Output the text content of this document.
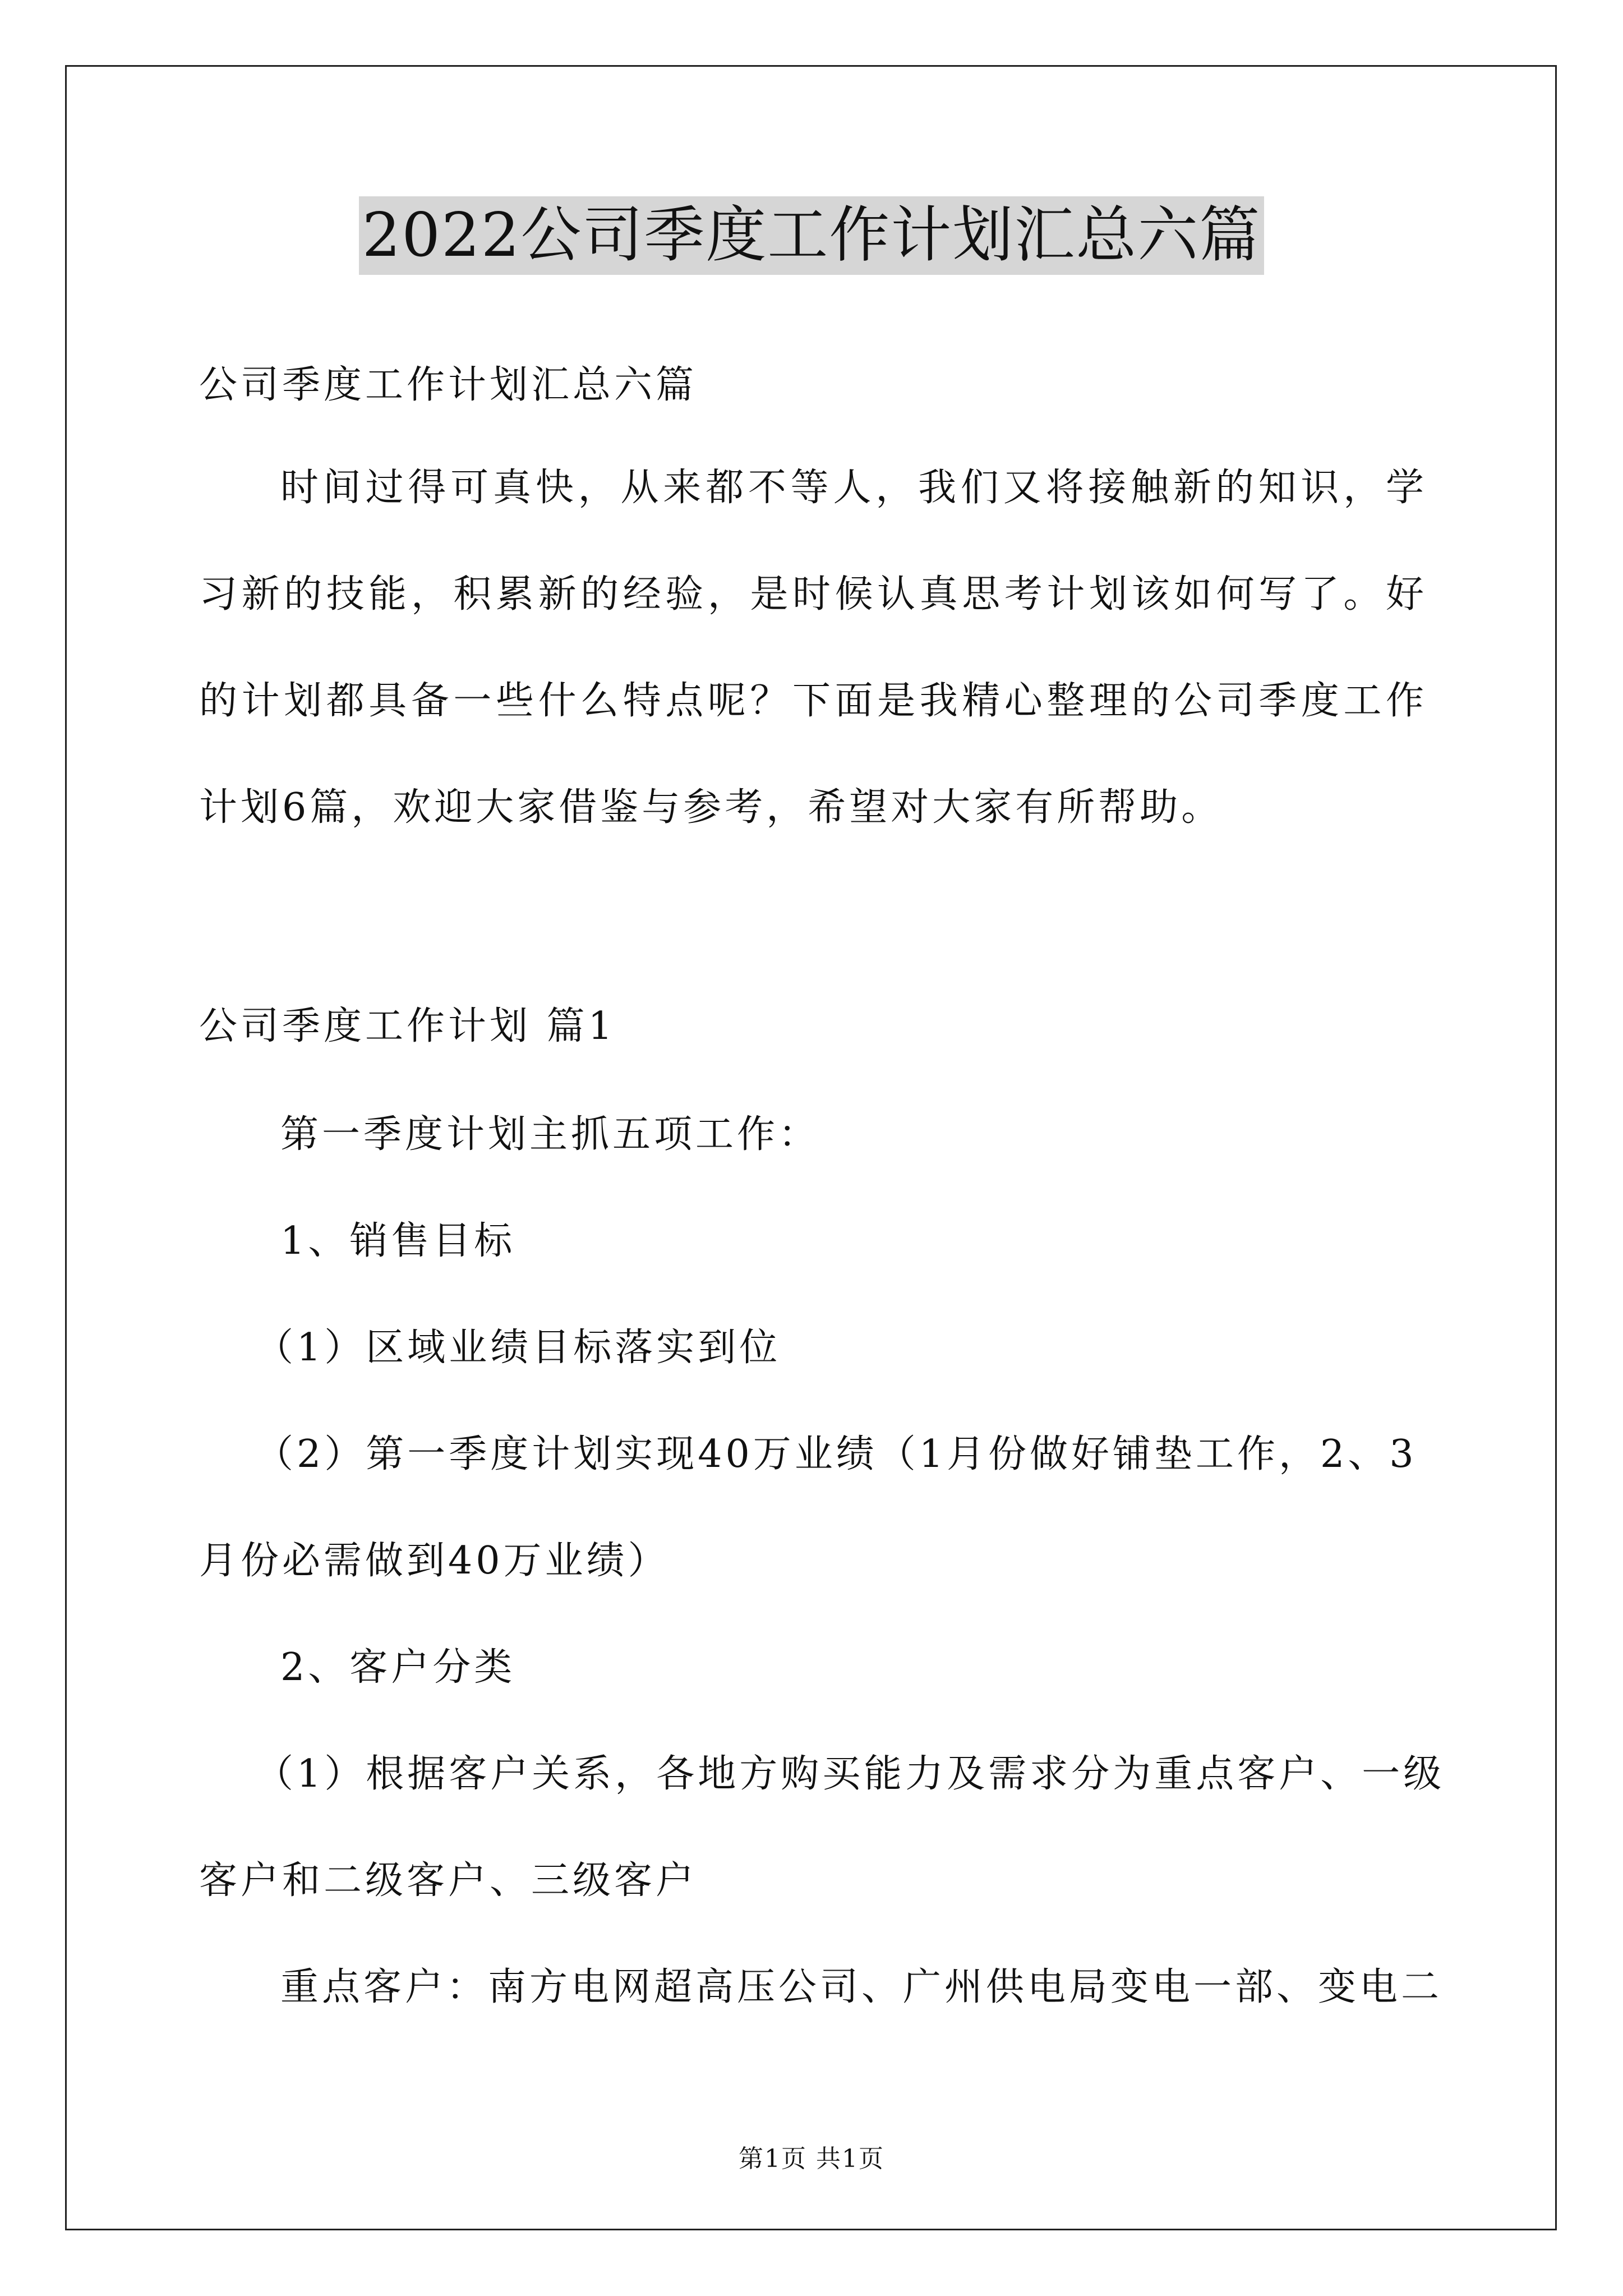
2022公司季度工作计划汇总六篇
公司季度工作计划汇总六篇
时间过得可真快，从来都不等人，我们又将接触新的知识，学习新的技能，积累新的经验，是时候认真思考计划该如何写了。好的计划都具备一些什么特点呢？下面是我精心整理的公司季度工作计划6篇，欢迎大家借鉴与参考，希望对大家有所帮助。
公司季度工作计划 篇1
第一季度计划主抓五项工作：
1、销售目标
（1）区域业绩目标落实到位
（2）第一季度计划实现40万业绩（1月份做好铺垫工作，2、3
月份必需做到40万业绩）
2、客户分类
（1）根据客户关系，各地方购买能力及需求分为重点客户、一级
客户和二级客户、三级客户
重点客户：南方电网超高压公司、广州供电局变电一部、变电二
第1页 共1页
